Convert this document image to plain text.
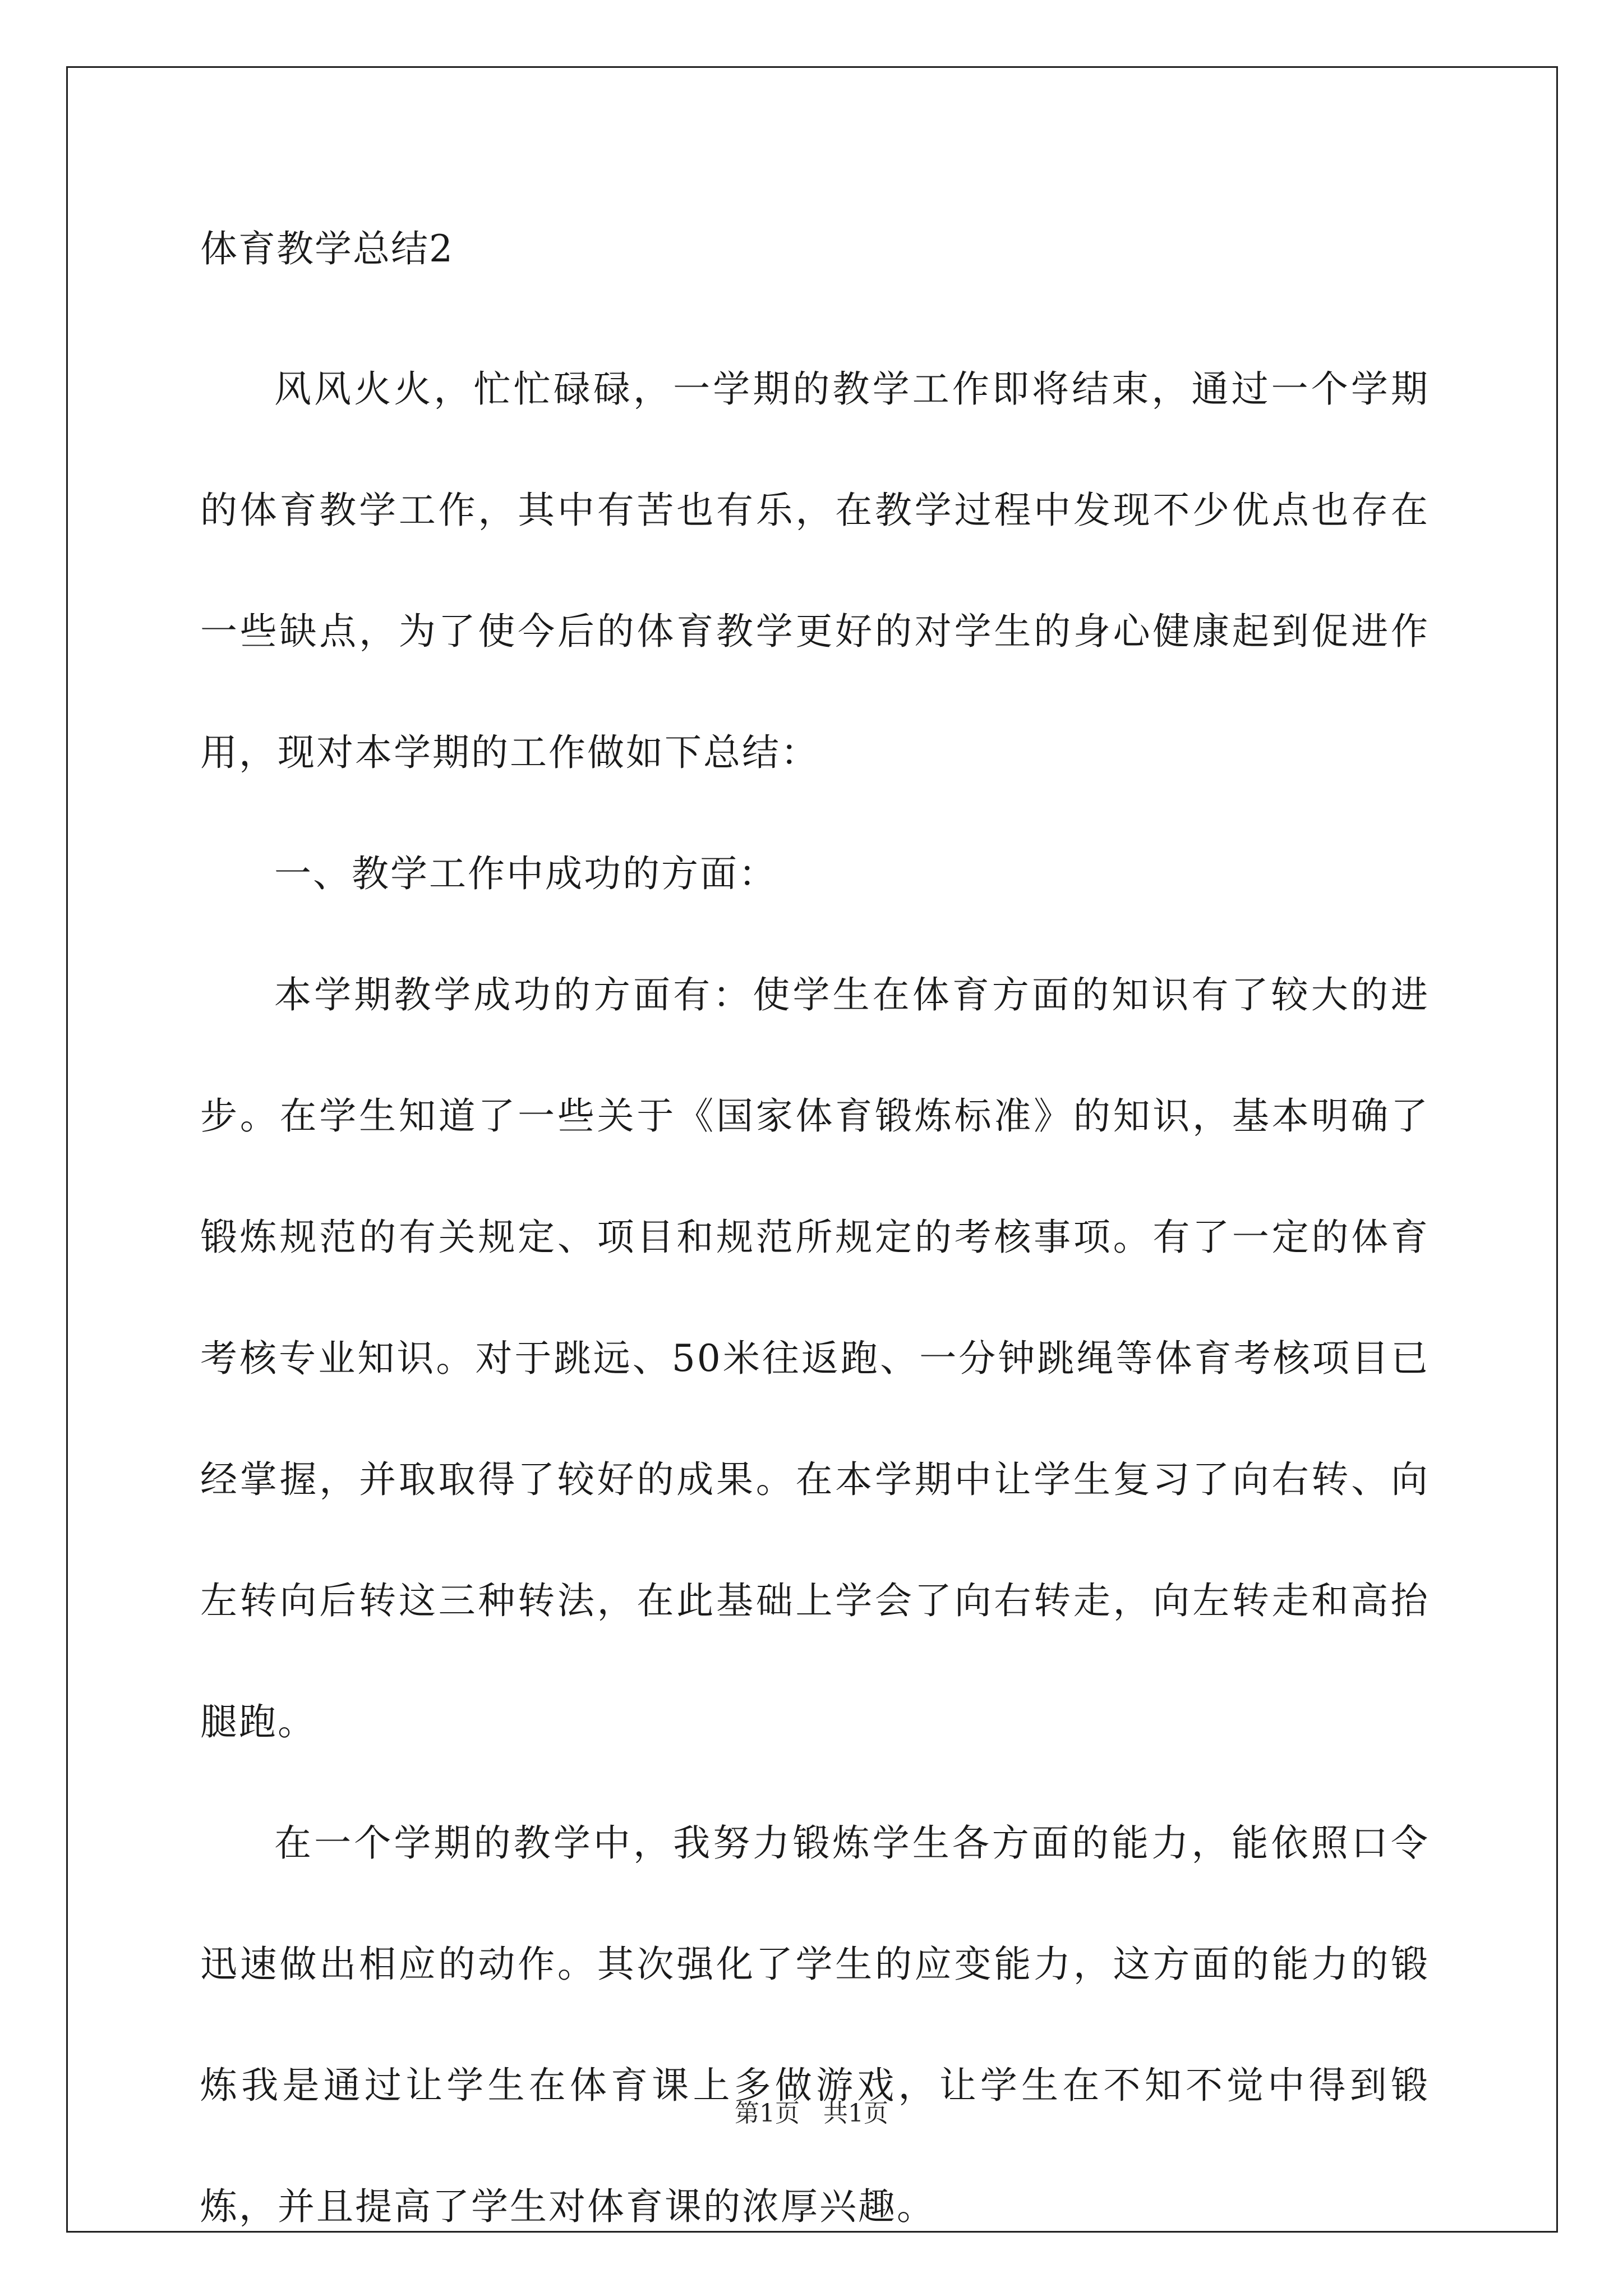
体育教学总结2

风风火火，忙忙碌碌，一学期的教学工作即将结束，通过一个学期的体育教学工作，其中有苦也有乐，在教学过程中发现不少优点也存在一些缺点，为了使今后的体育教学更好的对学生的身心健康起到促进作用，现对本学期的工作做如下总结：

一、教学工作中成功的方面：

本学期教学成功的方面有：使学生在体育方面的知识有了较大的进步。在学生知道了一些关于《国家体育锻炼标准》的知识，基本明确了锻炼规范的有关规定、项目和规范所规定的考核事项。有了一定的体育考核专业知识。对于跳远、50米往返跑、一分钟跳绳等体育考核项目已经掌握，并取取得了较好的成果。在本学期中让学生复习了向右转、向左转向后转这三种转法，在此基础上学会了向右转走，向左转走和高抬腿跑。

在一个学期的教学中，我努力锻炼学生各方面的能力，能依照口令迅速做出相应的动作。其次强化了学生的应变能力，这方面的能力的锻炼我是通过让学生在体育课上多做游戏，让学生在不知不觉中得到锻炼，并且提高了学生对体育课的浓厚兴趣。

第1页   共1页
